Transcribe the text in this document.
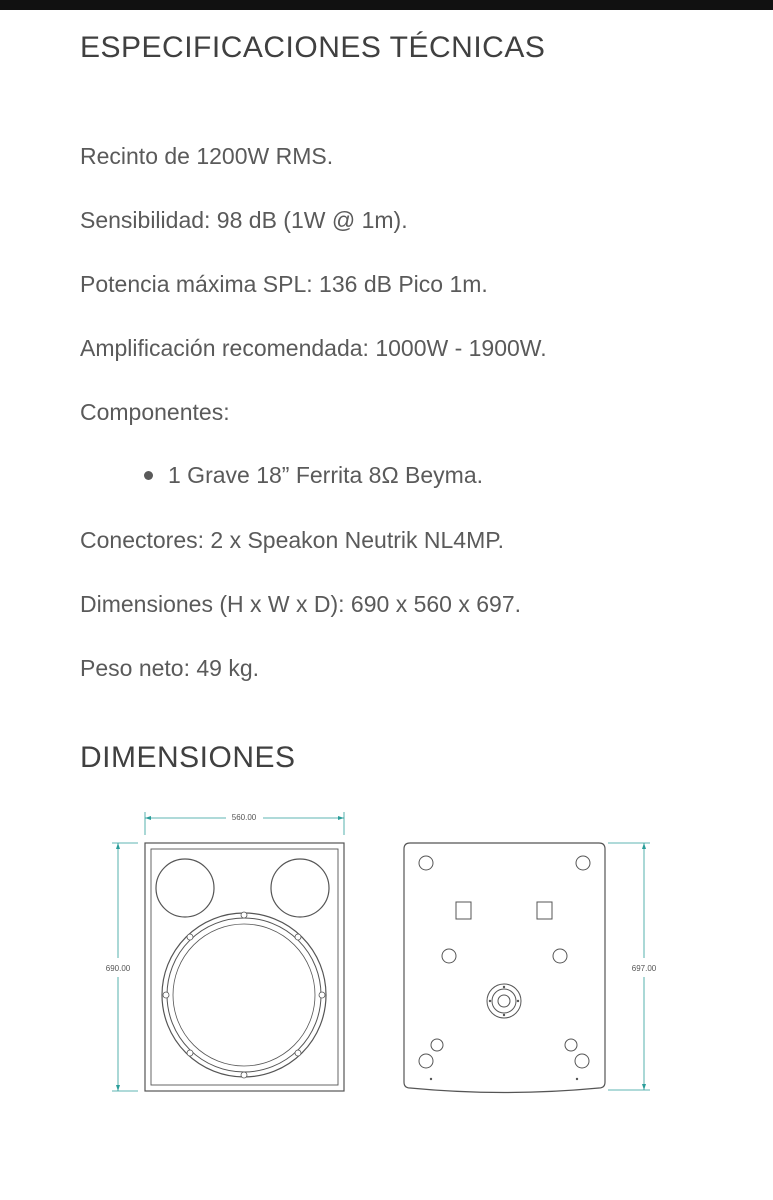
ESPECIFICACIONES TÉCNICAS

Recinto de 1200W RMS.

Sensibilidad: 98 dB (1W @ 1m).

Potencia máxima SPL: 136 dB Pico 1m.

Amplificación recomendada: 1000W - 1900W.

Componentes:

1 Grave 18” Ferrita 8Ω Beyma.

Conectores: 2 x Speakon Neutrik NL4MP.

Dimensiones (H x W x D): 690 x 560 x 697.

Peso neto: 49 kg.

DIMENSIONES
560.00
690.00	697.00
